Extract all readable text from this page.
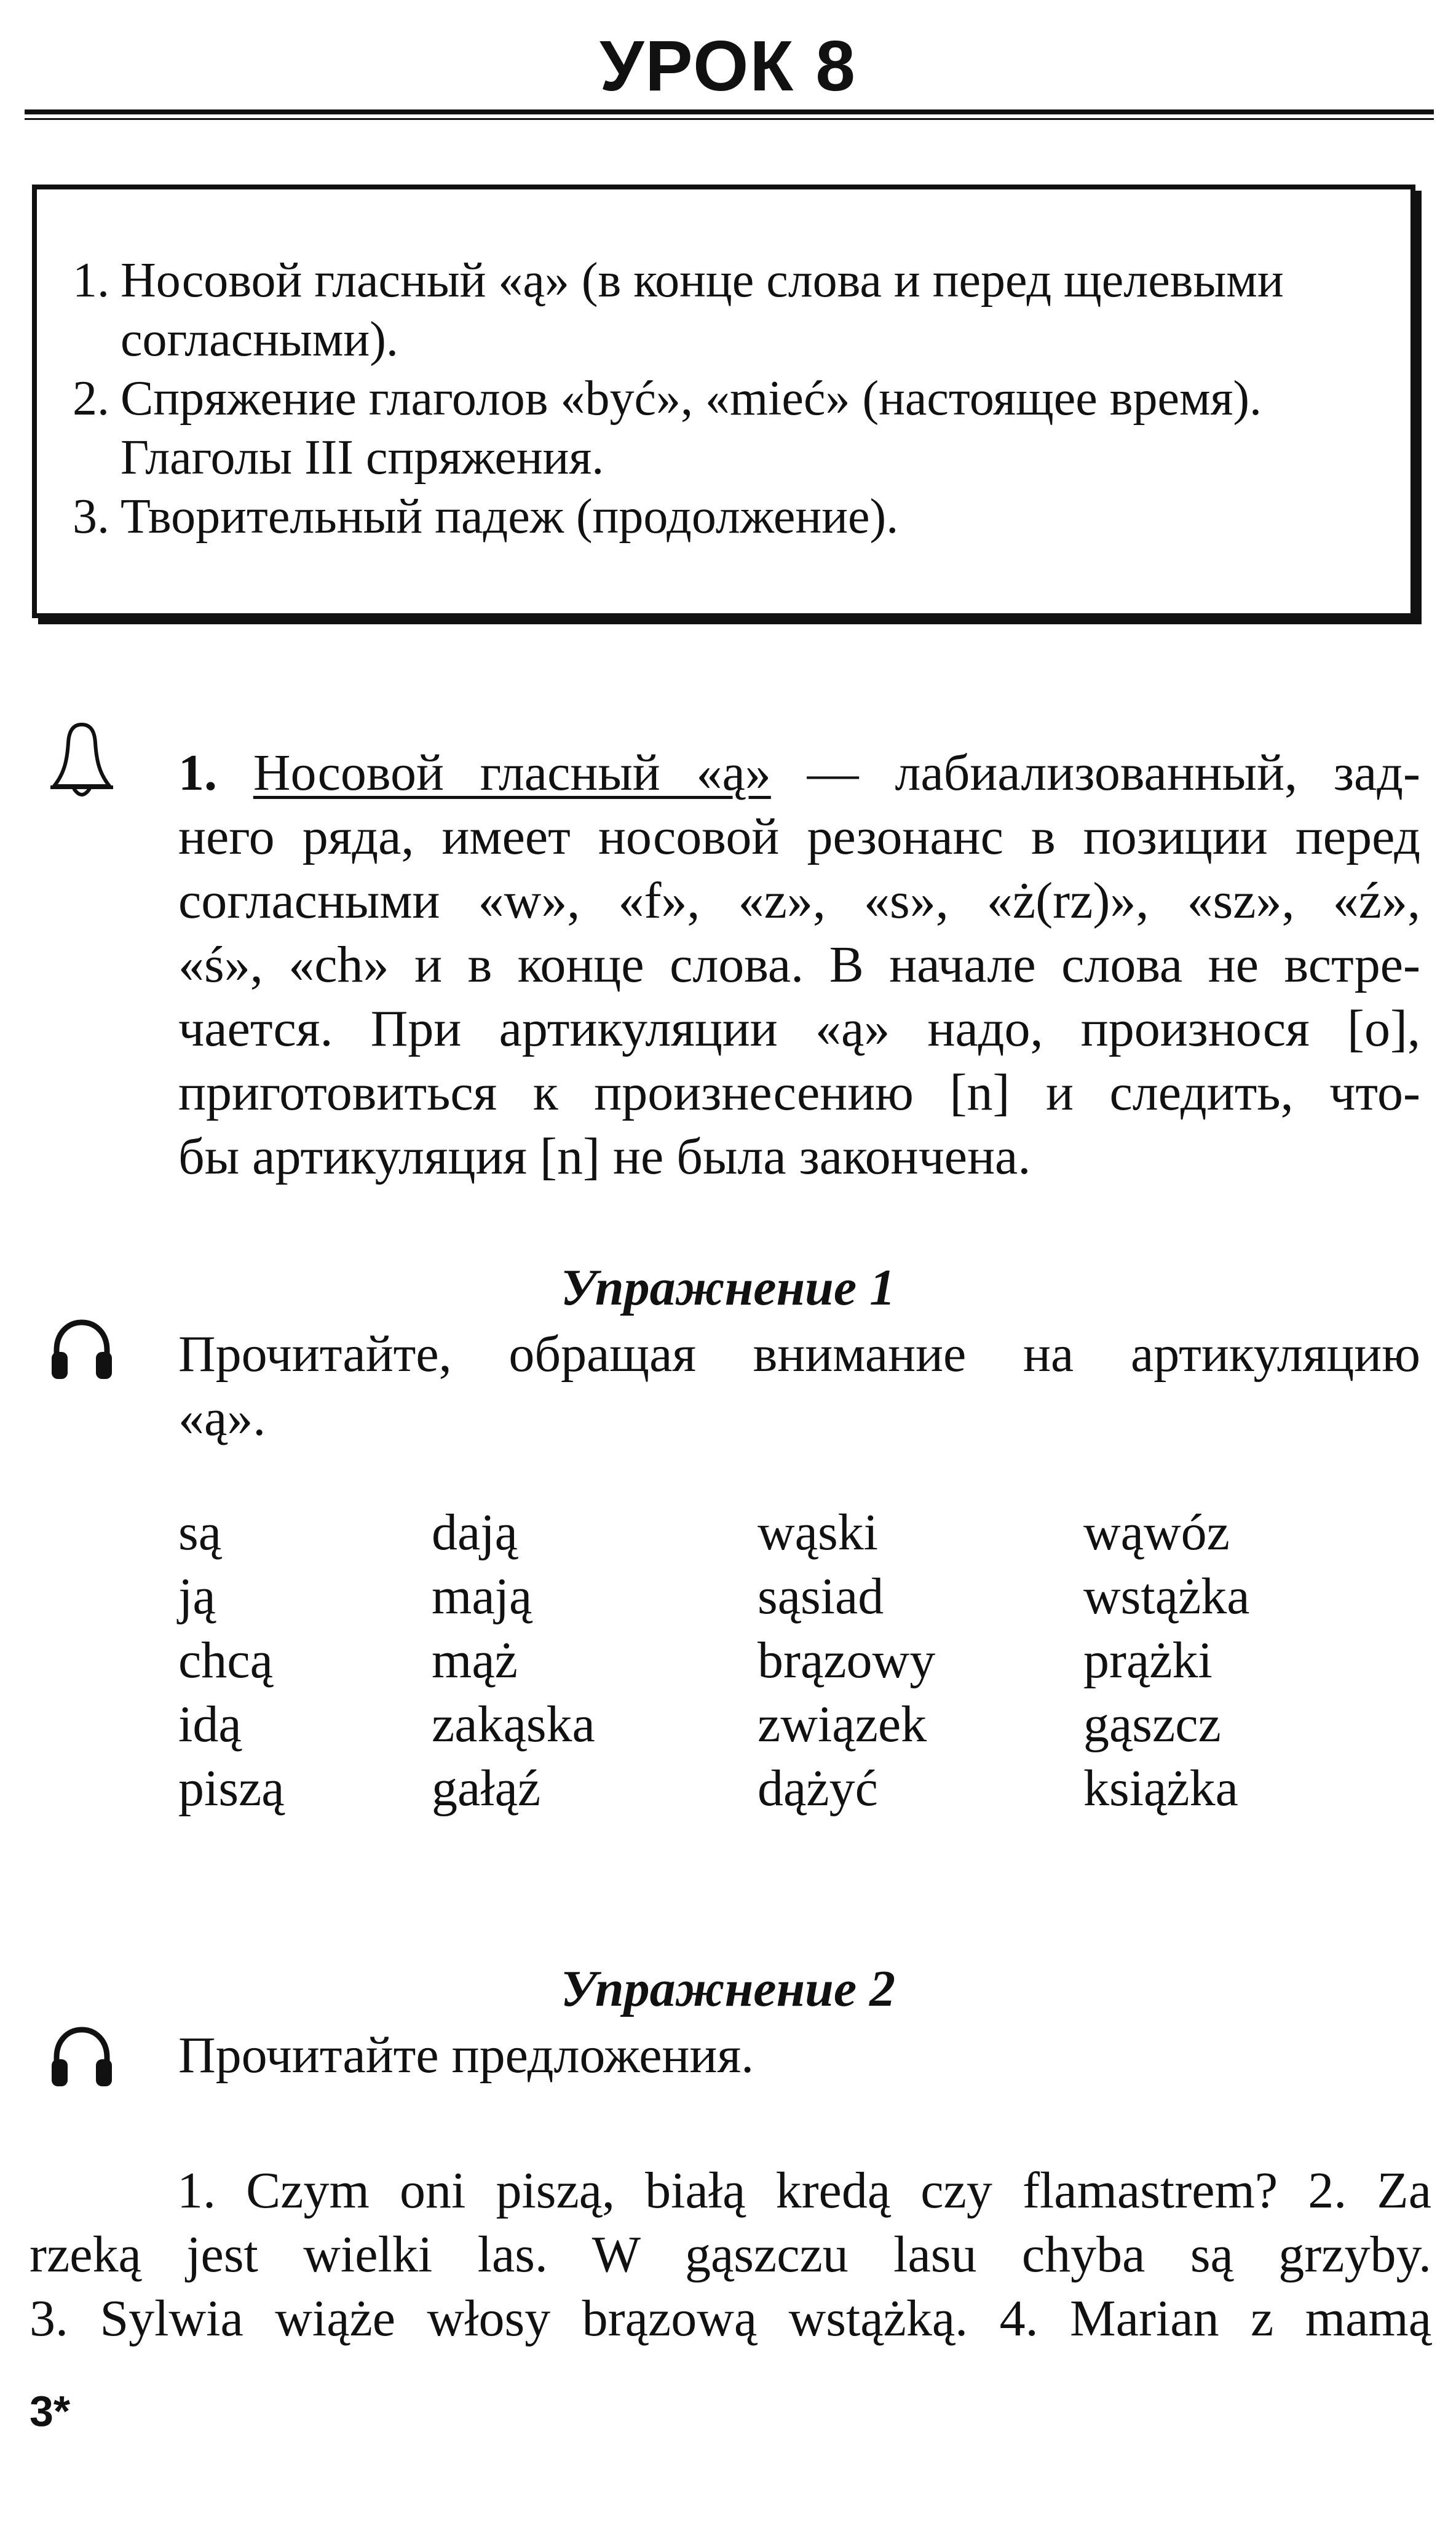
УРОК 8
1. Носовой гласный «ą» (в конце слова и перед щелевыми
согласными).
2. Спряжение глаголов «być», «mieć» (настоящее время).
Глаголы III спряжения.
3. Творительный падеж (продолжение).
1. Носовой гласный «ą» — лабиализованный, зад-
него ряда, имеет носовой резонанс в позиции перед
согласными «w», «f», «z», «s», «ż(rz)», «sz», «ź»,
«ś», «ch» и в конце слова. В начале слова не встре-
чается. При артикуляции «ą» надо, произнося [o],
приготовиться к произнесению [n] и следить, что-
бы артикуляция [n] не была закончена.
Упражнение 1
Прочитайте, обращая внимание на артикуляцию
«ą».
są
ją
chcą
idą
piszą
dają
mają
mąż
zakąska
gałąź
wąski
sąsiad
brązowy
związek
dążyć
wąwóz
wstążka
prążki
gąszcz
książka
Упражнение 2
Прочитайте предложения.
1. Czym oni piszą, białą kredą czy flamastrem? 2. Za
rzeką jest wielki las. W gąszczu lasu chyba są grzyby.
3. Sylwia wiąże włosy brązową wstążką. 4. Marian z mamą
3*
